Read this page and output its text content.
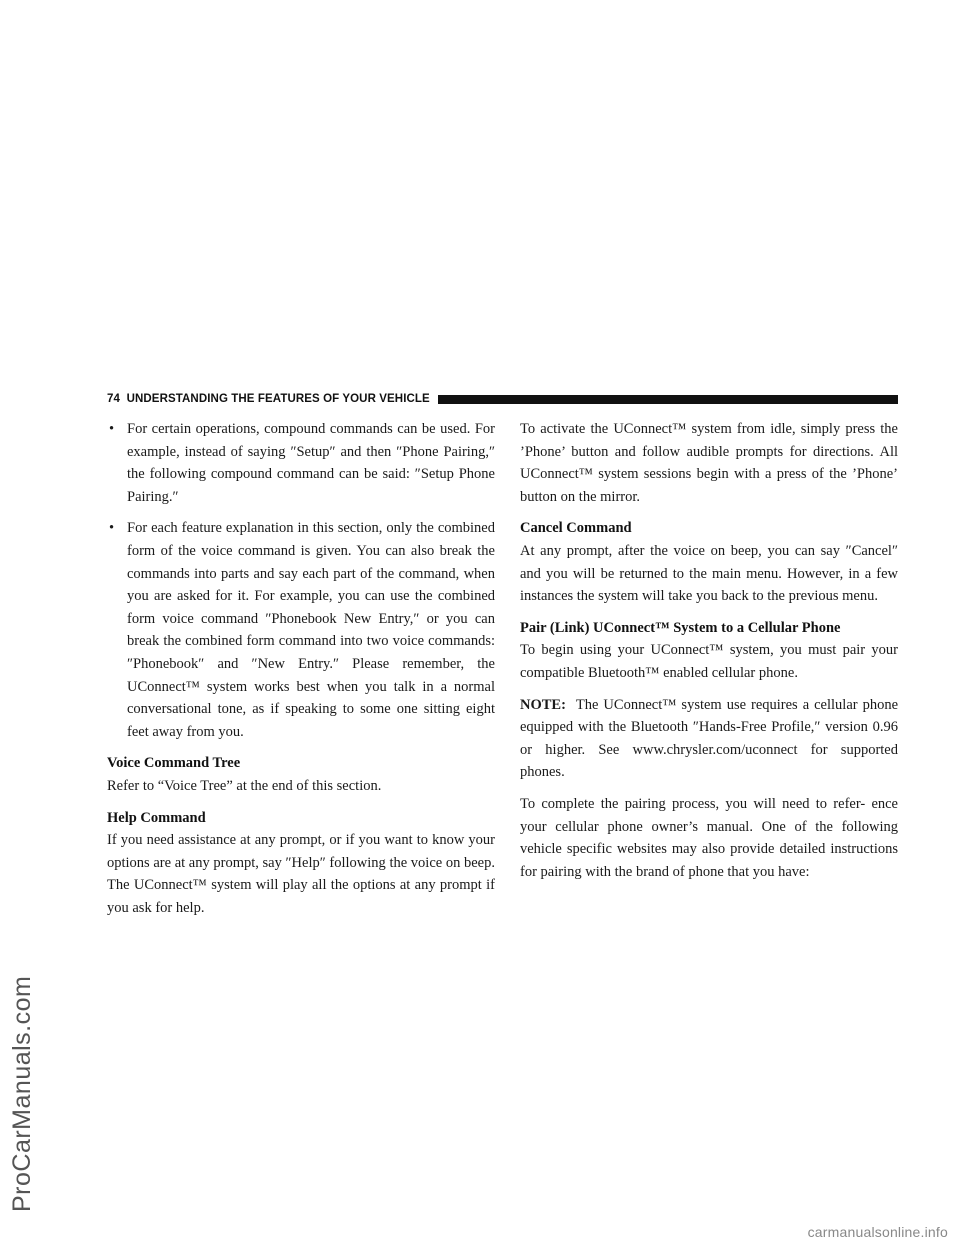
74 UNDERSTANDING THE FEATURES OF YOUR VEHICLE
• For certain operations, compound commands can be used. For example, instead of saying ″Setup″ and then ″Phone Pairing,″ the following compound command can be said: ″Setup Phone Pairing.″
• For each feature explanation in this section, only the combined form of the voice command is given. You can also break the commands into parts and say each part of the command, when you are asked for it. For example, you can use the combined form voice command ″Phonebook New Entry,″ or you can break the combined form command into two voice commands: ″Phonebook″ and ″New Entry.″ Please remember, the UConnect™ system works best when you talk in a normal conversational tone, as if speaking to some one sitting eight feet away from you.
Voice Command Tree

Refer to “Voice Tree” at the end of this section.

Help Command

If you need assistance at any prompt, or if you want to know your options are at any prompt, say ″Help″ following the voice on beep. The UConnect™ system will play all the options at any prompt if you ask for help.

To activate the UConnect™ system from idle, simply press the ’Phone’ button and follow audible prompts for directions. All UConnect™ system sessions begin with a press of the ’Phone’ button on the mirror.

Cancel Command

At any prompt, after the voice on beep, you can say ″Cancel″ and you will be returned to the main menu. However, in a few instances the system will take you back to the previous menu.

Pair (Link) UConnect™ System to a Cellular Phone

To begin using your UConnect™ system, you must pair your compatible Bluetooth™ enabled cellular phone.

NOTE: The UConnect™ system use requires a cellular phone equipped with the Bluetooth ″Hands-Free Profile,″ version 0.96 or higher. See www.chrysler.com/uconnect for supported phones.

To complete the pairing process, you will need to refer- ence your cellular phone owner’s manual. One of the following vehicle specific websites may also provide detailed instructions for pairing with the brand of phone that you have:

ProCarManuals.com
carmanualsonline.info
